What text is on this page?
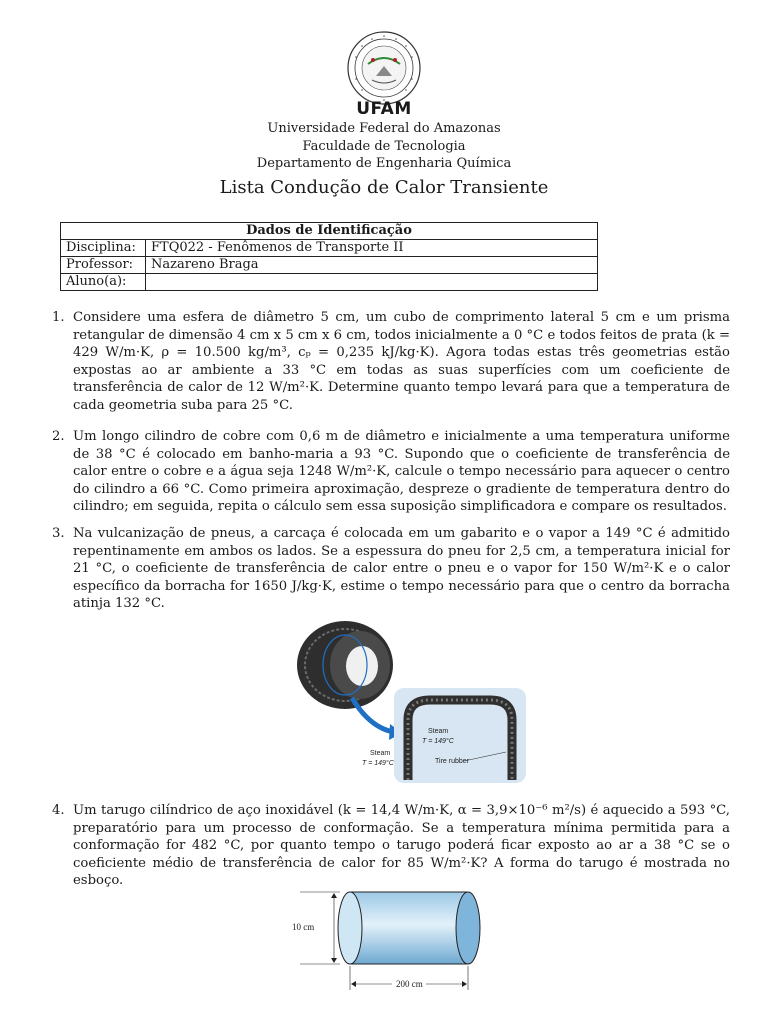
UFAM
Universidade Federal do Amazonas
Faculdade de Tecnologia
Departamento de Engenharia Química
Lista Condução de Calor Transiente
Dados de Identificação	
Disciplina:	FTQ022 - Fenômenos de Transporte II
Professor:	Nazareno Braga
Aluno(a):	
1. Considere uma esfera de diâmetro 5 cm, um cubo de comprimento lateral 5 cm e um prisma retangular de dimensão 4 cm x 5 cm x 6 cm, todos inicialmente a 0 °C e todos feitos de prata (k = 429 W/m·K, ρ = 10.500 kg/m³, cₚ = 0,235 kJ/kg·K). Agora todas estas três geometrias estão expostas ao ar ambiente a 33 °C em todas as suas superfícies com um coeficiente de transferência de calor de 12 W/m²·K. Determine quanto tempo levará para que a temperatura de cada geometria suba para 25 °C.
2. Um longo cilindro de cobre com 0,6 m de diâmetro e inicialmente a uma temperatura uniforme de 38 °C é colocado em banho-maria a 93 °C. Supondo que o coeficiente de transferência de calor entre o cobre e a água seja 1248 W/m²·K, calcule o tempo necessário para aquecer o centro do cilindro a 66 °C. Como primeira aproximação, despreze o gradiente de temperatura dentro do cilindro; em seguida, repita o cálculo sem essa suposição simplificadora e compare os resultados.
3. Na vulcanização de pneus, a carcaça é colocada em um gabarito e o vapor a 149 °C é admitido repentinamente em ambos os lados. Se a espessura do pneu for 2,5 cm, a temperatura inicial for 21 °C, o coeficiente de transferência de calor entre o pneu e o vapor for 150 W/m²·K e o calor específico da borracha for 1650 J/kg·K, estime o tempo necessário para que o centro da borracha atinja 132 °C.
Steam
T = 149°C
Tire rubber
Steam
T = 149°C
4. Um tarugo cilíndrico de aço inoxidável (k = 14,4 W/m·K, α = 3,9×10⁻⁶ m²/s) é aquecido a 593 °C, preparatório para um processo de conformação. Se a temperatura mínima permitida para a conformação for 482 °C, por quanto tempo o tarugo poderá ficar exposto ao ar a 38 °C se o coeficiente médio de transferência de calor for 85 W/m²·K? A forma do tarugo é mostrada no esboço.
10 cm
200 cm
